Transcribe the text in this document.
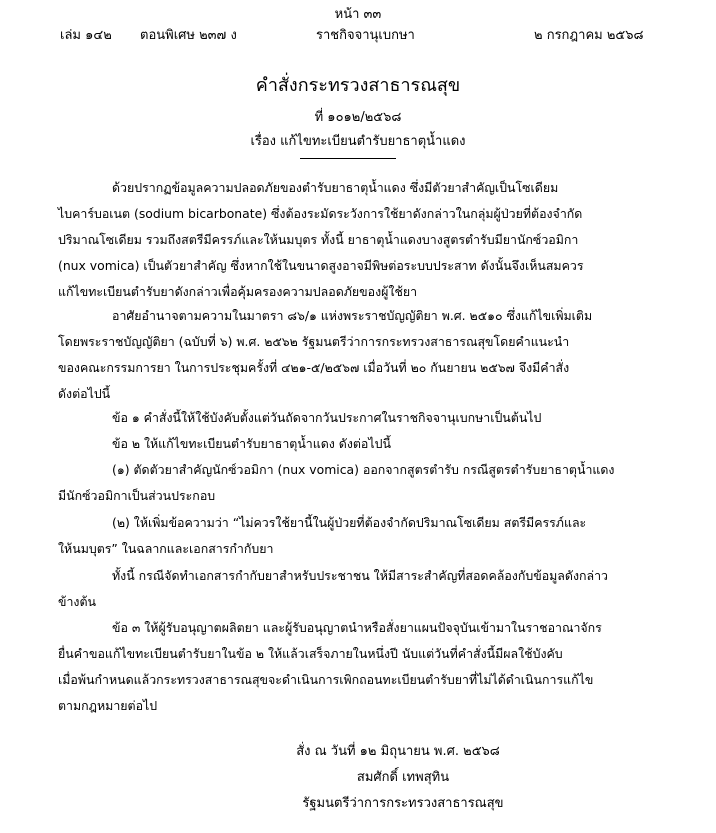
หน้า ๓๓
เล่ม ๑๔๒ ตอนพิเศษ ๒๓๗ ง	ราชกิจจานุเบกษา	๒ กรกฎาคม ๒๕๖๘
คำสั่งกระทรวงสาธารณสุข
ที่ ๑๐๑๒/๒๕๖๘
เรื่อง แก้ไขทะเบียนตำรับยาธาตุน้ำแดง
ด้วยปรากฏข้อมูลความปลอดภัยของตำรับยาธาตุน้ำแดง ซึ่งมีตัวยาสำคัญเป็นโซเดียม
ไบคาร์บอเนต (sodium bicarbonate) ซึ่งต้องระมัดระวังการใช้ยาดังกล่าวในกลุ่มผู้ป่วยที่ต้องจำกัด
ปริมาณโซเดียม รวมถึงสตรีมีครรภ์และให้นมบุตร ทั้งนี้ ยาธาตุน้ำแดงบางสูตรตำรับมียานักซ์วอมิกา
(nux vomica) เป็นตัวยาสำคัญ ซึ่งหากใช้ในขนาดสูงอาจมีพิษต่อระบบประสาท ดังนั้นจึงเห็นสมควร
แก้ไขทะเบียนตำรับยาดังกล่าวเพื่อคุ้มครองความปลอดภัยของผู้ใช้ยา
อาศัยอำนาจตามความในมาตรา ๘๖/๑ แห่งพระราชบัญญัติยา พ.ศ. ๒๕๑๐ ซึ่งแก้ไขเพิ่มเติม
โดยพระราชบัญญัติยา (ฉบับที่ ๖) พ.ศ. ๒๕๖๒ รัฐมนตรีว่าการกระทรวงสาธารณสุขโดยคำแนะนำ
ของคณะกรรมการยา ในการประชุมครั้งที่ ๔๒๑-๕/๒๕๖๗ เมื่อวันที่ ๒๐ กันยายน ๒๕๖๗ จึงมีคำสั่ง
ดังต่อไปนี้
ข้อ ๑ คำสั่งนี้ให้ใช้บังคับตั้งแต่วันถัดจากวันประกาศในราชกิจจานุเบกษาเป็นต้นไป
ข้อ ๒ ให้แก้ไขทะเบียนตำรับยาธาตุน้ำแดง ดังต่อไปนี้
(๑) ตัดตัวยาสำคัญนักซ์วอมิกา (nux vomica) ออกจากสูตรตำรับ กรณีสูตรตำรับยาธาตุน้ำแดง
มีนักซ์วอมิกาเป็นส่วนประกอบ
(๒) ให้เพิ่มข้อความว่า “ไม่ควรใช้ยานี้ในผู้ป่วยที่ต้องจำกัดปริมาณโซเดียม สตรีมีครรภ์และ
ให้นมบุตร” ในฉลากและเอกสารกำกับยา
ทั้งนี้ กรณีจัดทำเอกสารกำกับยาสำหรับประชาชน ให้มีสาระสำคัญที่สอดคล้องกับข้อมูลดังกล่าว
ข้างต้น
ข้อ ๓ ให้ผู้รับอนุญาตผลิตยา และผู้รับอนุญาตนำหรือสั่งยาแผนปัจจุบันเข้ามาในราชอาณาจักร
ยื่นคำขอแก้ไขทะเบียนตำรับยาในข้อ ๒ ให้แล้วเสร็จภายในหนึ่งปี นับแต่วันที่คำสั่งนี้มีผลใช้บังคับ
เมื่อพ้นกำหนดแล้วกระทรวงสาธารณสุขจะดำเนินการเพิกถอนทะเบียนตำรับยาที่ไม่ได้ดำเนินการแก้ไข
ตามกฎหมายต่อไป
สั่ง ณ วันที่ ๑๒ มิถุนายน พ.ศ. ๒๕๖๘
สมศักดิ์ เทพสุทิน
รัฐมนตรีว่าการกระทรวงสาธารณสุข
